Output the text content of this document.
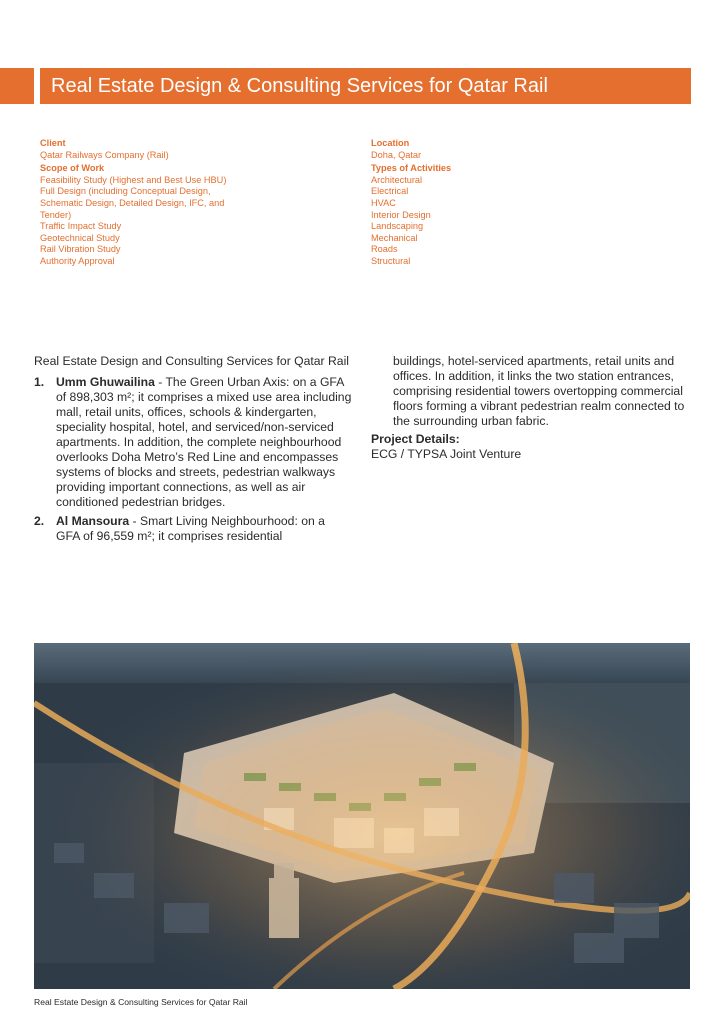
Real Estate Design & Consulting Services for Qatar Rail
Client
Qatar Railways Company (Rail)
Scope of Work
Feasibility Study (Highest and Best Use HBU)
Full Design (including Conceptual Design,
Schematic Design, Detailed Design, IFC, and
Tender)
Traffic Impact Study
Geotechnical Study
Rail Vibration Study
Authority Approval
Location
Doha, Qatar
Types of Activities
Architectural
Electrical
HVAC
Interior Design
Landscaping
Mechanical
Roads
Structural

Real Estate Design and Consulting Services for Qatar Rail

1. Umm Ghuwailina - The Green Urban Axis: on a GFA of 898,303 m²; it comprises a mixed use area including mall, retail units, offices, schools & kindergarten, speciality hospital, hotel, and serviced/non-serviced apartments. In addition, the complete neighbourhood overlooks Doha Metro’s Red Line and encompasses systems of blocks and streets, pedestrian walkways providing important connections, as well as air conditioned pedestrian bridges.
2. Al Mansoura - Smart Living Neighbourhood: on a GFA of 96,559 m²; it comprises residential
buildings, hotel-serviced apartments, retail units and offices. In addition, it links the two station entrances, comprising residential towers overtopping commercial floors forming a vibrant pedestrian realm connected to the surrounding urban fabric.
Project Details:
ECG / TYPSA Joint Venture
Real Estate Design & Consulting Services for Qatar Rail
